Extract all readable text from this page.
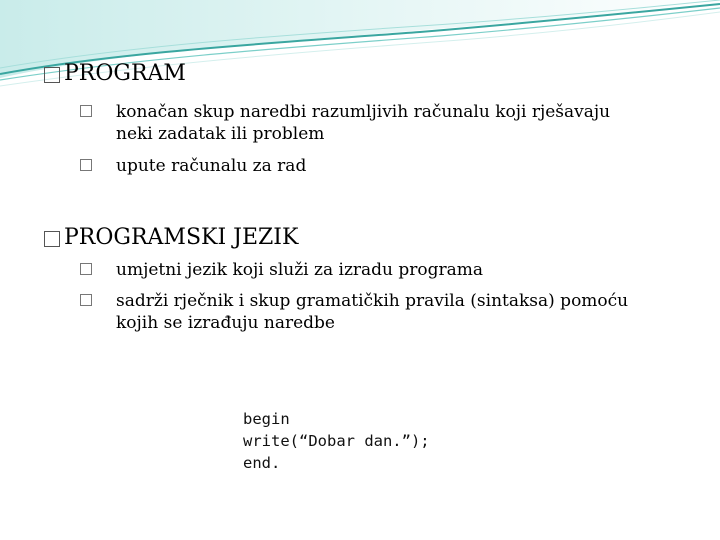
PROGRAM
konačan skup naredbi razumljivih računalu koji rješavaju
neki zadatak ili problem
upute računalu za rad
PROGRAMSKI JEZIK
umjetni jezik koji služi za izradu programa
sadrži rječnik i skup gramatičkih pravila (sintaksa) pomoću
kojih se izrađuju naredbe
begin
write(“Dobar dan.”);
end.
